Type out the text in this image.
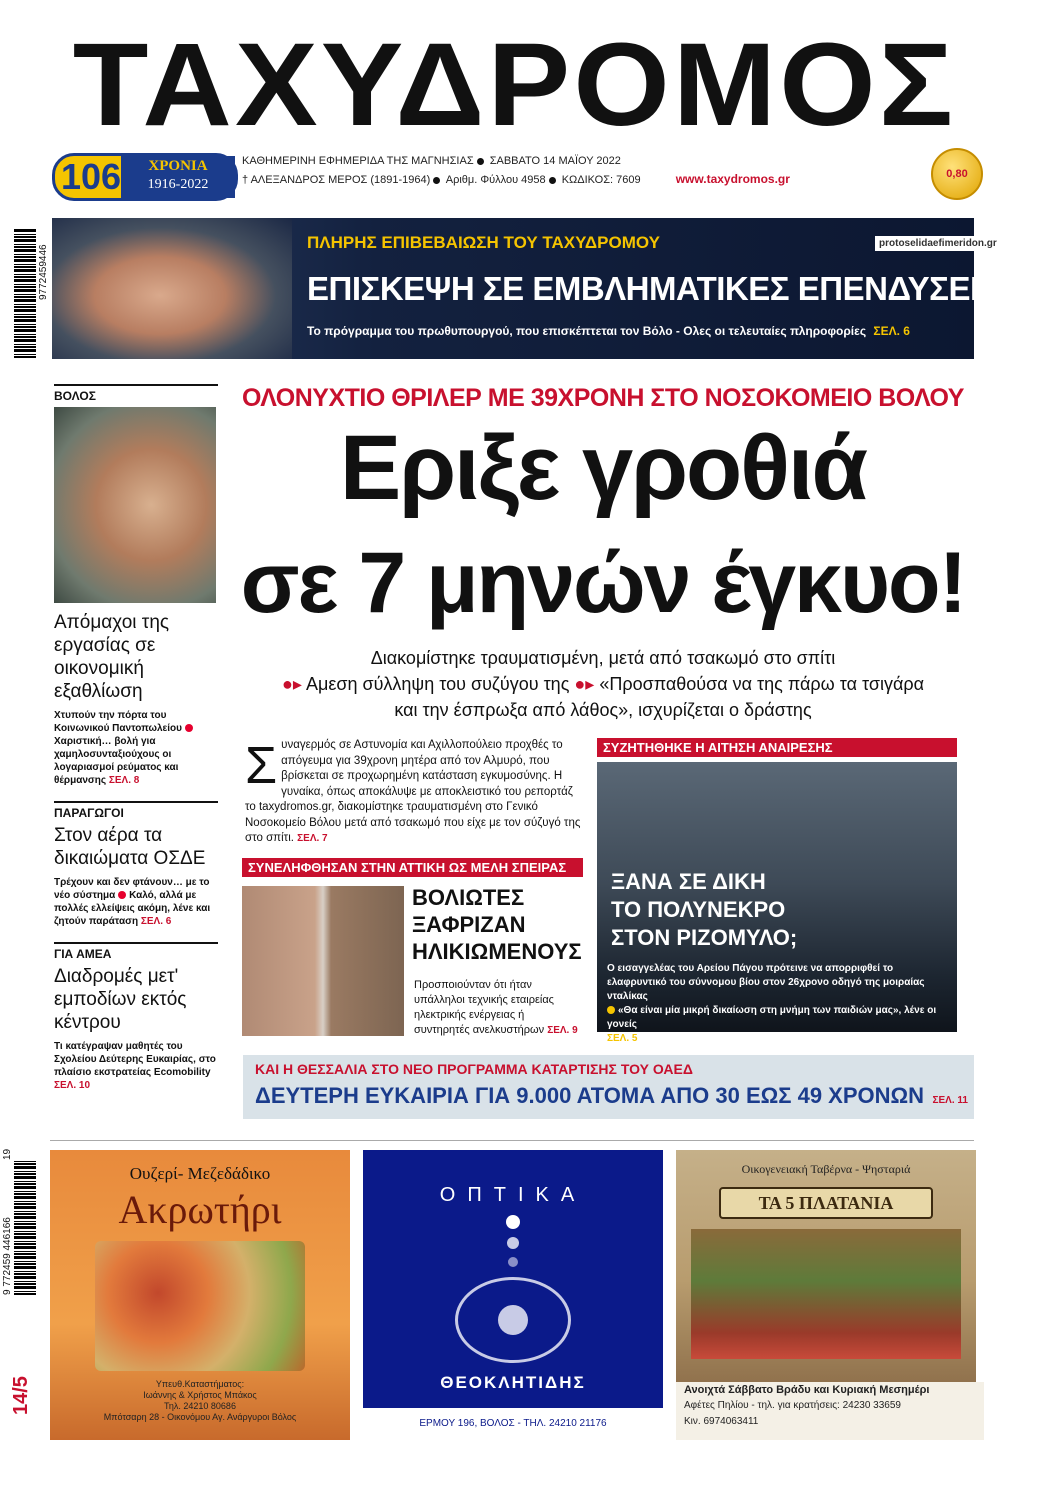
ΤΑΧΥΔΡΟΜΟΣ
106	ΧΡΟΝΙΑ
1916-2022
ΚΑΘΗΜΕΡΙΝΗ ΕΦΗΜΕΡΙΔΑ ΤΗΣ ΜΑΓΝΗΣΙΑΣ ΣΑΒΒΑΤΟ 14 ΜΑΪΟΥ 2022
† ΑΛΕΞΑΝΔΡΟΣ ΜΕΡΟΣ (1891-1964) Αριθμ. Φύλλου 4958 ΚΩΔΙΚΟΣ: 7609	www.taxydromos.gr	0,80
9772459446
9 772459 446166
19
14/5
ΠΛΗΡΗΣ ΕΠΙΒΕΒΑΙΩΣΗ ΤΟΥ ΤΑΧΥΔΡΟΜΟΥ
ΕΠΙΣΚΕΨΗ ΣΕ ΕΜΒΛΗΜΑΤΙΚΕΣ ΕΠΕΝΔΥΣΕΙΣ
Το πρόγραμμα του πρωθυπουργού, που επισκέπτεται τον Βόλο - Ολες οι τελευταίες πληροφορίες ΣΕΛ. 6
protoselidaefimeridon.gr
ΒΟΛΟΣ
Απόμαχοι της εργασίας σε οικονομική εξαθλίωση
Χτυπούν την πόρτα του Κοινωνικού Παντοπωλείου Χαριστική… βολή για χαμηλοσυνταξιούχους οι λογαριασμοί ρεύματος και θέρμανσης ΣΕΛ. 8
ΠΑΡΑΓΩΓΟΙ
Στον αέρα τα δικαιώματα ΟΣΔΕ
Τρέχουν και δεν φτάνουν… με το νέο σύστημα Καλό, αλλά με πολλές ελλείψεις ακόμη, λένε και ζητούν παράταση ΣΕΛ. 6
ΓΙΑ ΑΜΕΑ
Διαδρομές μετ' εμποδίων εκτός κέντρου
Τι κατέγραψαν μαθητές του Σχολείου Δεύτερης Ευκαιρίας, στο πλαίσιο εκστρατείας Ecomobility ΣΕΛ. 10
ΟΛΟΝΥΧΤΙΟ ΘΡΙΛΕΡ ΜΕ 39ΧΡΟΝΗ ΣΤΟ ΝΟΣΟΚΟΜΕΙΟ ΒΟΛΟΥ
Εριξε γροθιά
σε 7 μηνών έγκυο!
Διακομίστηκε τραυματισμένη, μετά από τσακωμό στο σπίτι
●▸ Αμεση σύλληψη του συζύγου της ●▸ «Προσπαθούσα να της πάρω τα τσιγάρα
και την έσπρωξα από λάθος», ισχυρίζεται ο δράστης
Σ υναγερμός σε Αστυνομία και Αχιλλοπούλειο προχθές το απόγευμα για 39χρονη μητέρα από τον Αλμυρό, που βρίσκεται σε προχωρημένη κατάσταση εγκυμοσύνης. Η γυναίκα, όπως αποκάλυψε με αποκλειστικό του ρεπορτάζ το taxydromos.gr, διακομίστηκε τραυματισμένη στο Γενικό Νοσοκομείο Βόλου μετά από τσακωμό που είχε με τον σύζυγό της στο σπίτι. ΣΕΛ. 7
ΣΥΝΕΛΗΦΘΗΣΑΝ ΣΤΗΝ ΑΤΤΙΚΗ ΩΣ ΜΕΛΗ ΣΠΕΙΡΑΣ
ΒΟΛΙΩΤΕΣ
ΞΑΦΡΙΖΑΝ
ΗΛΙΚΙΩΜΕΝΟΥΣ
Προσποιούνταν ότι ήταν υπάλληλοι τεχνικής εταιρείας ηλεκτρικής ενέργειας ή συντηρητές ανελκυστήρων ΣΕΛ. 9
ΣΥΖΗΤΗΘΗΚΕ Η ΑΙΤΗΣΗ ΑΝΑΙΡΕΣΗΣ
ΞΑΝΑ ΣΕ ΔΙΚΗ
ΤΟ ΠΟΛΥΝΕΚΡΟ
ΣΤΟΝ ΡΙΖΟΜΥΛΟ;
Ο εισαγγελέας του Αρείου Πάγου πρότεινε να απορριφθεί το ελαφρυντικό του σύννομου βίου στον 26χρονο οδηγό της μοιραίας νταλίκας
«Θα είναι μία μικρή δικαίωση στη μνήμη των παιδιών μας», λένε οι γονείς
ΣΕΛ. 5
ΚΑΙ Η ΘΕΣΣΑΛΙΑ ΣΤΟ ΝΕΟ ΠΡΟΓΡΑΜΜΑ ΚΑΤΑΡΤΙΣΗΣ ΤΟΥ ΟΑΕΔ
ΔΕΥΤΕΡΗ ΕΥΚΑΙΡΙΑ ΓΙΑ 9.000 ΑΤΟΜΑ ΑΠΟ 30 ΕΩΣ 49 ΧΡΟΝΩΝ ΣΕΛ. 11
Ουζερί- Μεζεδάδικο
Ακρωτήρι
Υπευθ.Καταστήματος:
Ιωάννης & Χρήστος Μπάκος
Τηλ. 24210 80686
Μπότσαρη 28 - Οικονόμου Αγ. Ανάργυροι Βόλος
ΟΠΤΙΚΑ
ΘΕΟΚΛΗΤΙΔΗΣ
ΕΡΜΟΥ 196, ΒΟΛΟΣ - ΤΗΛ. 24210 21176
Οικογενειακή Ταβέρνα - Ψησταριά
ΤΑ 5 ΠΛΑΤΑΝΙΑ
Ανοιχτά Σάββατο Βράδυ και Κυριακή Μεσημέρι
Αφέτες Πηλίου - τηλ. για κρατήσεις: 24230 33659
Κιν. 6974063411
